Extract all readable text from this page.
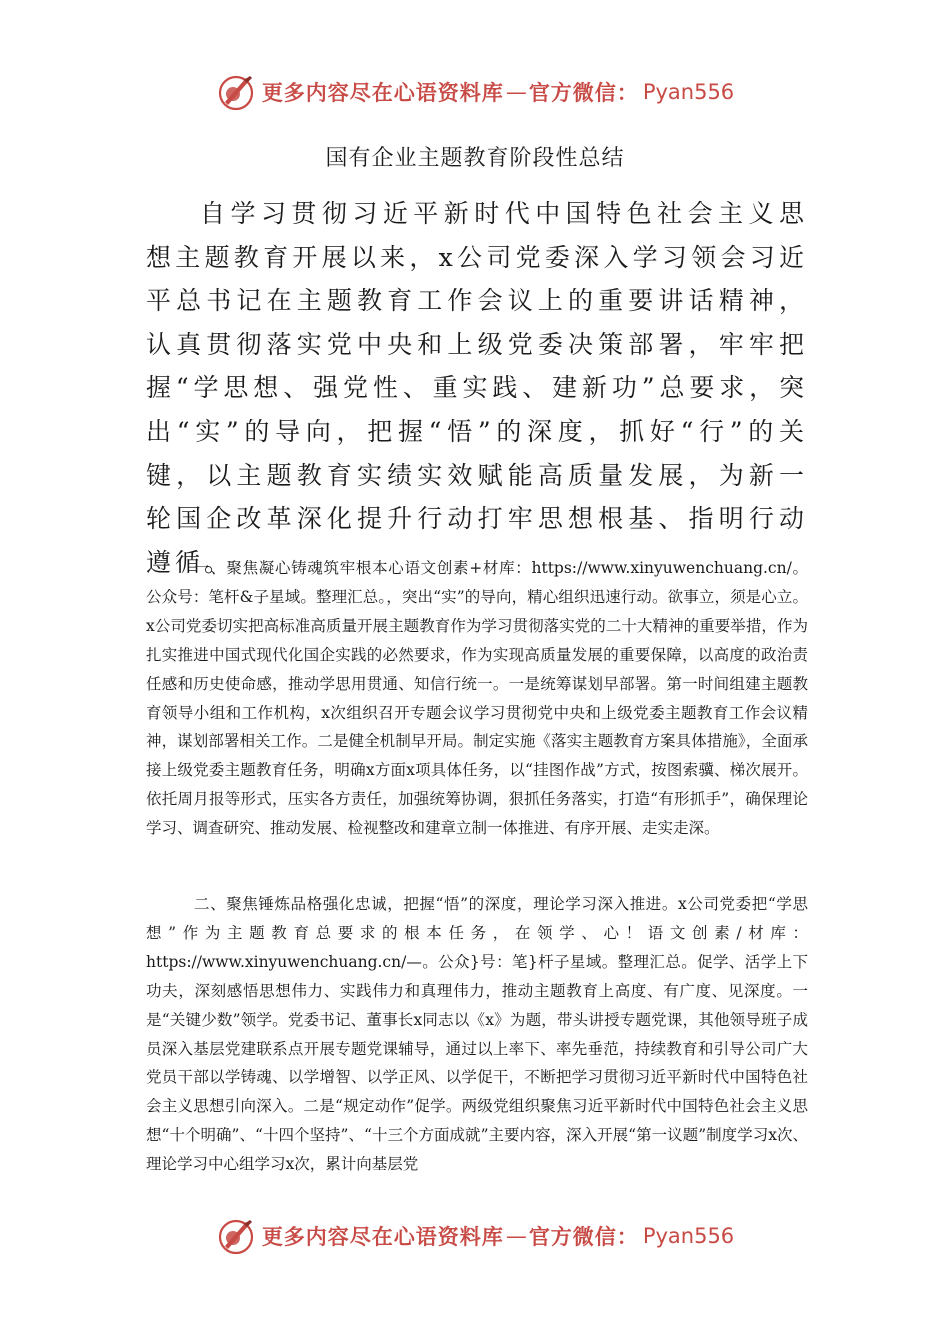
更多内容尽在心语资料库 — 官方微信： Pyan556
国有企业主题教育阶段性总结

自学习贯彻习近平新时代中国特色社会主义思想主题教育开展以来，x公司党委深入学习领会习近平总书记在主题教育工作会议上的重要讲话精神，认真贯彻落实党中央和上级党委决策部署，牢牢把握“学思想、强党性、重实践、建新功”总要求，突出“实”的导向，把握“悟”的深度，抓好“行”的关键，以主题教育实绩实效赋能高质量发展，为新一轮国企改革深化提升行动打牢思想根基、指明行动遵循。

一、聚焦凝心铸魂筑牢根本心语文创素+材库：https://www.xinyuwenchuang.cn/。公众号：笔杆&子星域。整理汇总。，突出“实”的导向，精心组织迅速行动。欲事立，须是心立。x公司党委切实把高标准高质量开展主题教育作为学习贯彻落实党的二十大精神的重要举措，作为扎实推进中国式现代化国企实践的必然要求，作为实现高质量发展的重要保障，以高度的政治责任感和历史使命感，推动学思用贯通、知信行统一。一是统筹谋划早部署。第一时间组建主题教育领导小组和工作机构，x次组织召开专题会议学习贯彻党中央和上级党委主题教育工作会议精神，谋划部署相关工作。二是健全机制早开局。制定实施《落实主题教育方案具体措施》，全面承接上级党委主题教育任务，明确x方面x项具体任务，以“挂图作战”方式，按图索骥、梯次展开。依托周月报等形式，压实各方责任，加强统筹协调，狠抓任务落实，打造“有形抓手”，确保理论学习、调查研究、推动发展、检视整改和建章立制一体推进、有序开展、走实走深。

二、聚焦锤炼品格强化忠诚，把握“悟”的深度，理论学习深入推进。x公司党委把“学思想”作为主题教育总要求的根本任务，在领学、心！语文创素/材库：https://www.xinyuwenchuang.cn/—。公众}号：笔}杆子星域。整理汇总。促学、活学上下功夫，深刻感悟思想伟力、实践伟力和真理伟力，推动主题教育上高度、有广度、见深度。一是“关键少数”领学。党委书记、董事长x同志以《x》为题，带头讲授专题党课，其他领导班子成员深入基层党建联系点开展专题党课辅导，通过以上率下、率先垂范，持续教育和引导公司广大党员干部以学铸魂、以学增智、以学正风、以学促干，不断把学习贯彻习近平新时代中国特色社会主义思想引向深入。二是“规定动作”促学。两级党组织聚焦习近平新时代中国特色社会主义思想“十个明确”、“十四个坚持”、“十三个方面成就”主要内容，深入开展“第一议题”制度学习x次、理论学习中心组学习x次，累计向基层党

更多内容尽在心语资料库 — 官方微信： Pyan556
